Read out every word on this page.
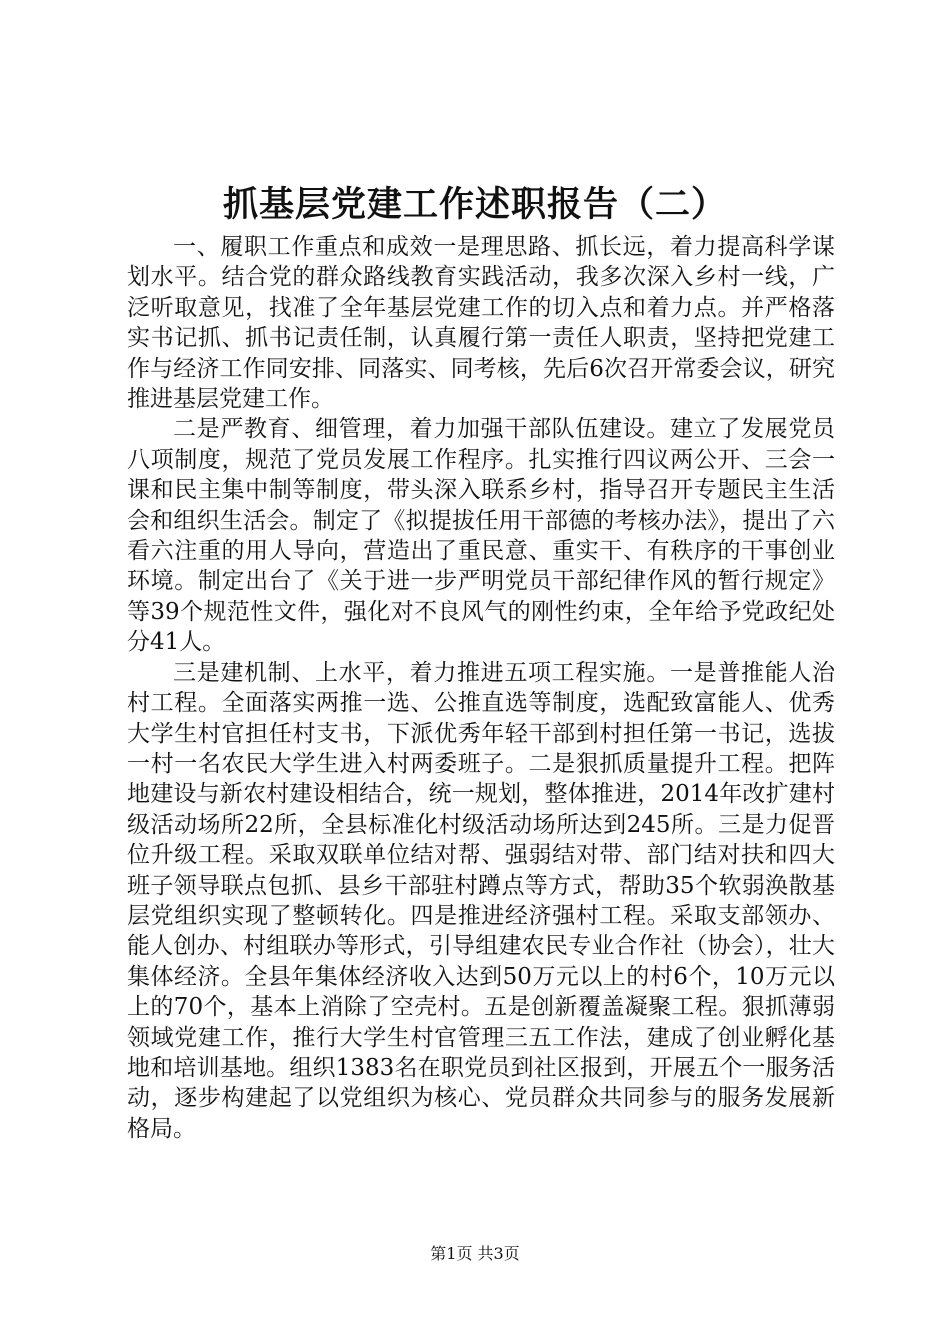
抓基层党建工作述职报告（二）

一、履职工作重点和成效一是理思路、抓长远，着力提高科学谋划水平。结合党的群众路线教育实践活动，我多次深入乡村一线，广泛听取意见，找准了全年基层党建工作的切入点和着力点。并严格落实书记抓、抓书记责任制，认真履行第一责任人职责，坚持把党建工作与经济工作同安排、同落实、同考核，先后6次召开常委会议，研究推进基层党建工作。

二是严教育、细管理，着力加强干部队伍建设。建立了发展党员八项制度，规范了党员发展工作程序。扎实推行四议两公开、三会一课和民主集中制等制度，带头深入联系乡村，指导召开专题民主生活会和组织生活会。制定了《拟提拔任用干部德的考核办法》，提出了六看六注重的用人导向，营造出了重民意、重实干、有秩序的干事创业环境。制定出台了《关于进一步严明党员干部纪律作风的暂行规定》等39个规范性文件，强化对不良风气的刚性约束，全年给予党政纪处分41人。

三是建机制、上水平，着力推进五项工程实施。一是普推能人治村工程。全面落实两推一选、公推直选等制度，选配致富能人、优秀大学生村官担任村支书，下派优秀年轻干部到村担任第一书记，选拔一村一名农民大学生进入村两委班子。二是狠抓质量提升工程。把阵地建设与新农村建设相结合，统一规划，整体推进，2014年改扩建村级活动场所22所，全县标准化村级活动场所达到245所。三是力促晋位升级工程。采取双联单位结对帮、强弱结对带、部门结对扶和四大班子领导联点包抓、县乡干部驻村蹲点等方式，帮助35个软弱涣散基层党组织实现了整顿转化。四是推进经济强村工程。采取支部领办、能人创办、村组联办等形式，引导组建农民专业合作社（协会），壮大集体经济。全县年集体经济收入达到50万元以上的村6个，10万元以上的70个，基本上消除了空壳村。五是创新覆盖凝聚工程。狠抓薄弱领域党建工作，推行大学生村官管理三五工作法，建成了创业孵化基地和培训基地。组织1383名在职党员到社区报到，开展五个一服务活动，逐步构建起了以党组织为核心、党员群众共同参与的服务发展新格局。

第1页 共3页
